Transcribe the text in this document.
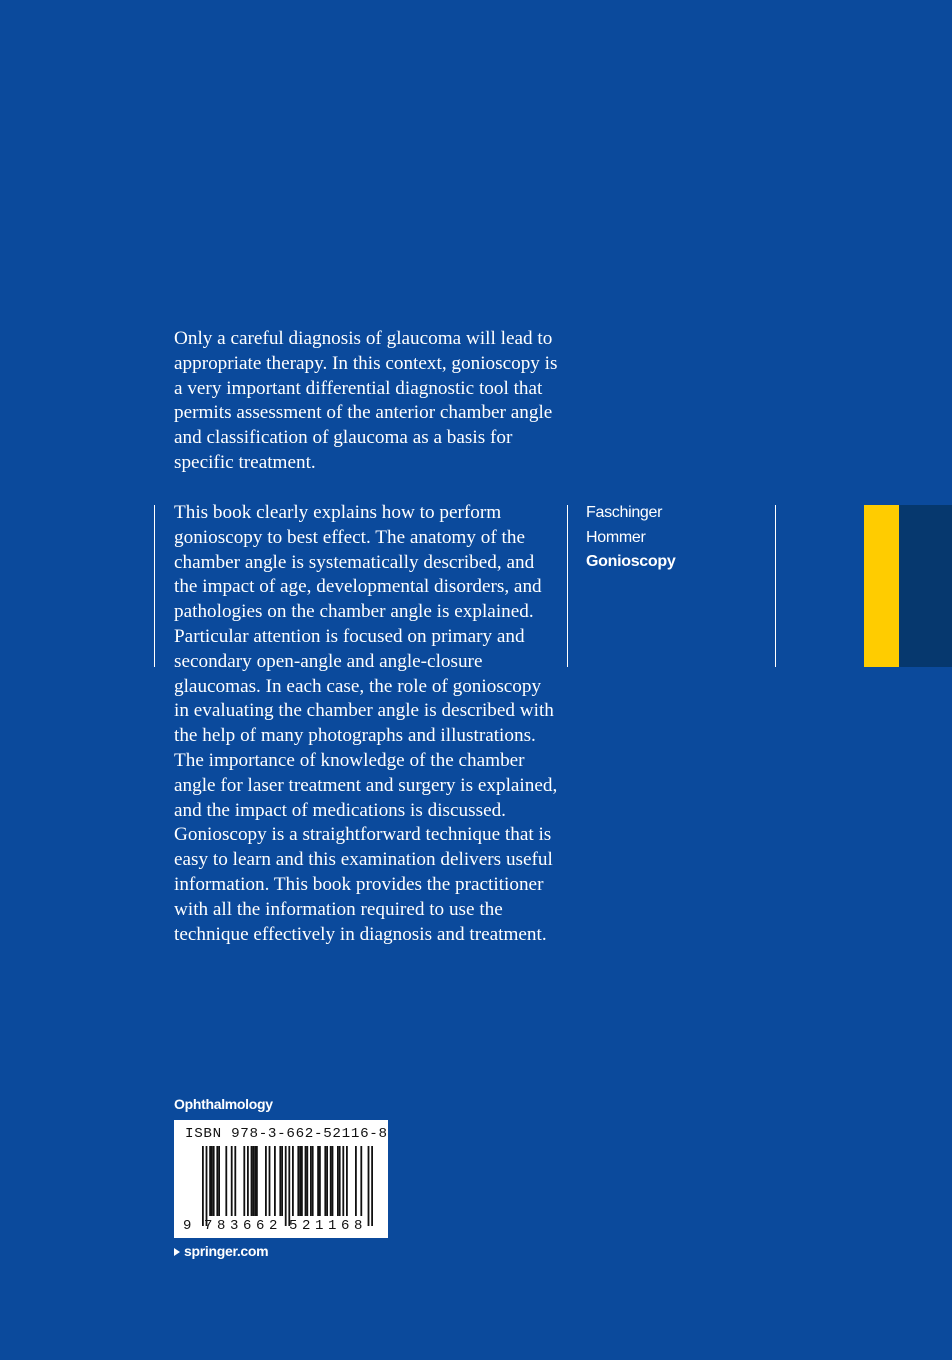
Only a careful diagnosis of glaucoma will lead to appropriate therapy. In this context, gonioscopy is a very important differential diagnostic tool that permits assessment of the anterior chamber angle and classification of glaucoma as a basis for specific treatment.

This book clearly explains how to perform gonioscopy to best effect. The anatomy of the chamber angle is systematically described, and the impact of age, developmental disorders, and pathologies on the chamber angle is explained. Particular attention is focused on primary and secondary open-angle and angle-closure glaucomas. In each case, the role of gonioscopy in evaluating the chamber angle is described with the help of many photographs and illustrations. The importance of knowledge of the chamber angle for laser treatment and surgery is explained, and the impact of medications is discussed. Gonioscopy is a straightforward technique that is easy to learn and this examination delivers useful information. This book provides the practitioner with all the information required to use the technique effectively in diagnosis and treatment.

Faschinger
Hommer
Gonioscopy
Ophthalmology
ISBN 978-3-662-52116-8
9 783662 521168
springer.com
